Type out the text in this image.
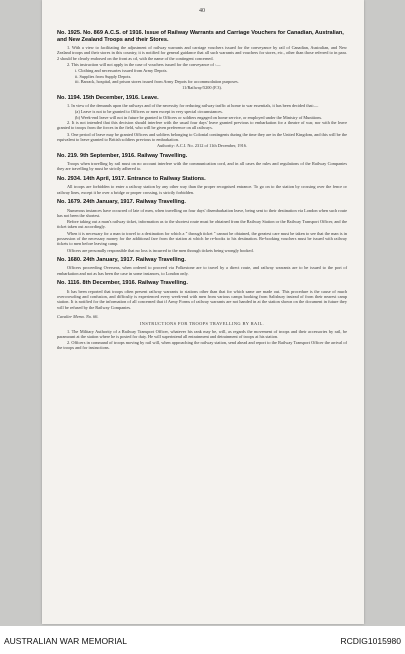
40
No. 1925. No. 869 A.C.S. of 1916. Issue of Railway Warrants and Carriage Vouchers for Canadian, Australian, and New Zealand Troops and their Stores.

1. With a view to facilitating the adjustment of railway warrants and carriage vouchers issued for the conveyance by rail of Canadian, Australian, and New Zealand troops and their stores in this country, it is notified for general guidance that all such warrants and vouchers for stores, etc., other than those referred to in para. 2 should be clearly endorsed on the front as cd, with the name of the contingent concerned.

2. This instruction will not apply in the case of vouchers issued for the conveyance of :—

i. Clothing and necessaries issued from Army Depots.
ii. Supplies from Supply Depots.
iii. Barrack, hospital, and prison stores issued from Army Depots for accommodation purposes.
11/Railway/5200 (F.3).
No. 1194. 15th December, 1916. Leave.

1. In view of the demands upon the railways and of the necessity for reducing railway traffic at home to war essentials, it has been decided that:—

(a) Leave is not to be granted to Officers or men except in very special circumstances.
(b) Week-end leave will not in future be granted to Officers or soldiers engaged on home service, or employed under the Ministry of Munitions.

2. It is not intended that this decision should interfere with the usual four days' leave granted previous to embarkation for a theatre of war, nor with the leave granted to troops from the forces in the field, who will be given preference on all railways.

3. One period of leave may be granted Officers and soldiers belonging to Colonial contingents during the time they are in the United Kingdom, and this will be the equivalent to leave granted to British soldiers previous to embarkation.

Authority: A.C.I. No. 2312 of 11th December, 1916.
No. 219. 9th September, 1916. Railway Travelling.

Troops when travelling by rail must on no account interfere with the communication cord, and in all cases the rules and regulations of the Railway Companies they are travelling by must be strictly adhered to.

No. 2934. 14th April, 1917. Entrance to Railway Stations.

All troops are forbidden to enter a railway station by any other way than the proper recognised entrance. To go on to the station by crossing over the fence or railway lines, except it be over a bridge or proper crossing, is strictly forbidden.

No. 1679. 24th January, 1917. Railway Travelling.

Numerous instances have occurred of late of men, when travelling on four days' disembarkation leave, being sent to their destination via London when such route has not been the shortest.

Before taking out a man's railway ticket, information as to the shortest route must be obtained from the Railway Station or the Railway Transport Officer, and the ticket taken out accordingly.

When it is necessary for a man to travel to a destination for which a " through ticket " cannot be obtained, the greatest care must be taken to see that the man is in possession of the necessary money for the additional fare from the station at which he re-books to his destination. Re-booking vouchers must be issued with railway tickets to men before leaving camp.

Officers are personally responsible that no loss is incurred to the men through tickets being wrongly booked.

No. 1680. 24th January, 1917. Railway Travelling.

Officers proceeding Overseas, when ordered to proceed via Folkestone are to travel by a direct route, and railway warrants are to be issued to the port of embarkation and not as has been the case in some instances, to London only.

No. 1116. 8th December, 1916. Railway Travelling.

It has been reported that troops often present railway warrants to stations other than that for which same are made out. This procedure is the cause of much overcrowding and confusion, and difficulty is experienced every week-end with men from various camps booking from Salisbury instead of from their nearest camp station. It is notified for the information of all concerned that if Army Forms of railway warrants are not handed in at the station shown on the document in future they will be refused by the Railway Companies.

Cavalier Memo. No. 66.
INSTRUCTIONS FOR TROOPS TRAVELLING BY RAIL.

1. The Military Authority of a Railway Transport Officer, whatever his rank may be, will, as regards the movement of troops and their accessories by rail, be paramount at the station where he is posted for duty. He will superintend all entrainment and detrainment of troops at his station.

2. Officers in command of troops moving by rail will, when approaching the railway station, send ahead and report to the Railway Transport Officer the arrival of the troops and for instructions.

AUSTRALIAN WAR MEMORIAL	RCDIG1015980
